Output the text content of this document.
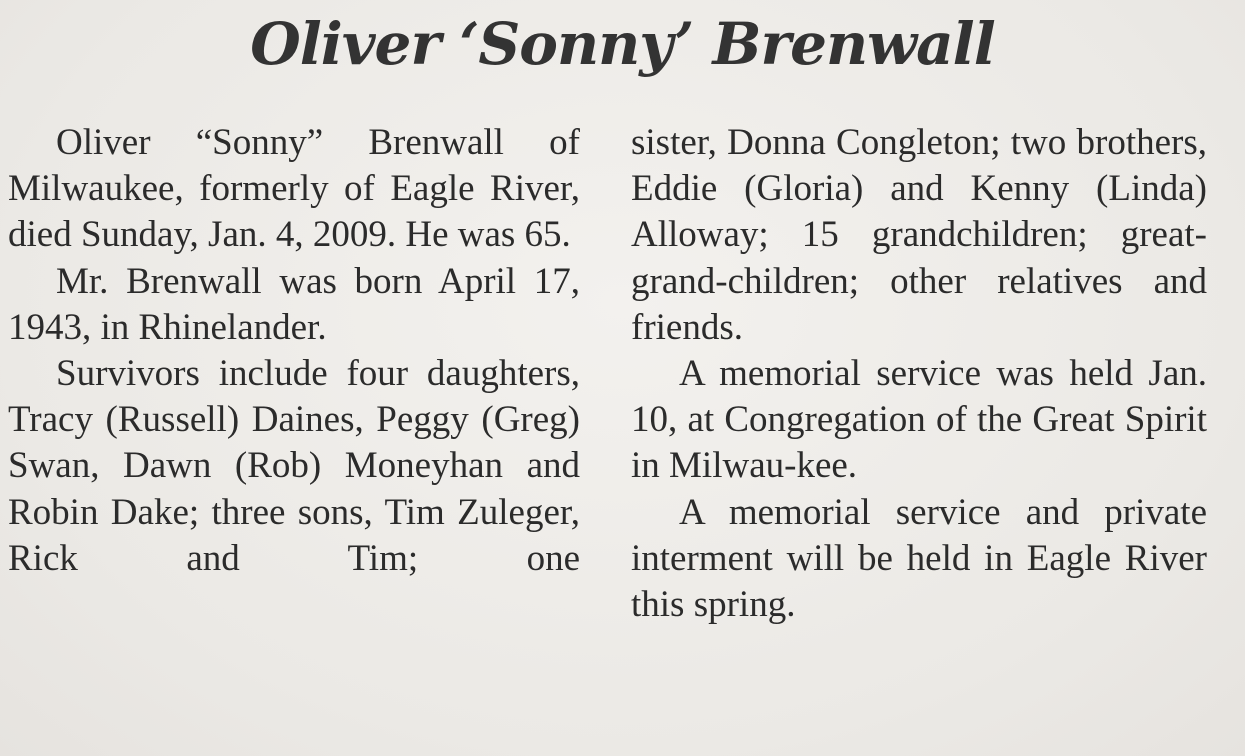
Oliver ‘Sonny’ Brenwall

Oliver “Sonny” Brenwall of Milwaukee, formerly of Eagle River, died Sunday, Jan. 4, 2009. He was 65.

Mr. Brenwall was born April 17, 1943, in Rhinelander.

Survivors include four daughters, Tracy (Russell) Daines, Peggy (Greg) Swan, Dawn (Rob) Moneyhan and Robin Dake; three sons, Tim Zuleger, Rick and Tim; one

sister, Donna Congleton; two brothers, Eddie (Gloria) and Kenny (Linda) Alloway; 15 grandchildren; great-grand-children; other relatives and friends.

A memorial service was held Jan. 10, at Congregation of the Great Spirit in Milwau-kee.

A memorial service and private interment will be held in Eagle River this spring.
